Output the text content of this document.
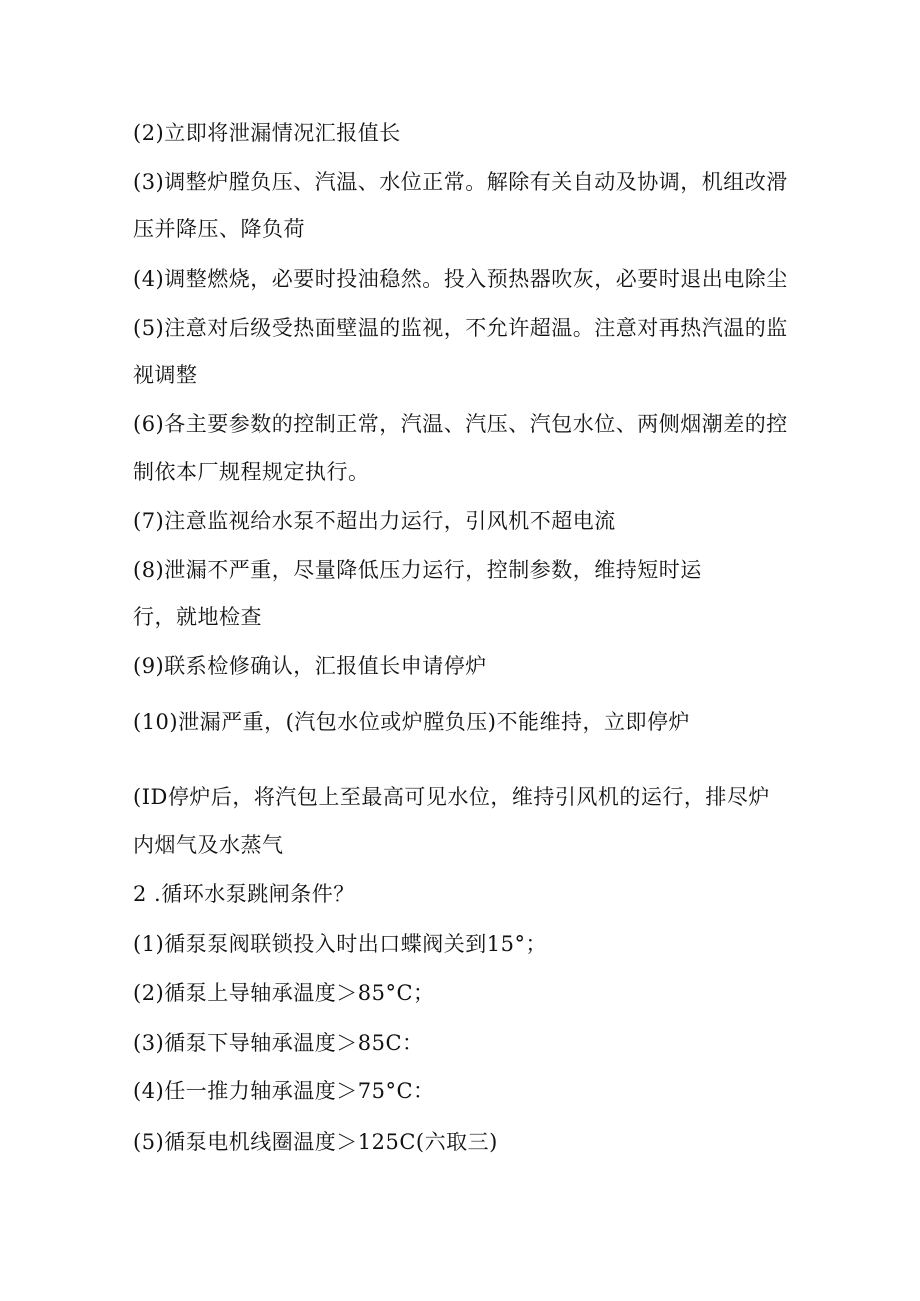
(2)立即将泄漏情况汇报值长
(3)调整炉膛负压、汽温、水位正常。解除有关自动及协调，机组改滑
压并降压、降负荷
(4)调整燃烧，必要时投油稳然。投入预热器吹灰，必要时退出电除尘
(5)注意对后级受热面壁温的监视，不允许超温。注意对再热汽温的监
视调整
(6)各主要参数的控制正常，汽温、汽压、汽包水位、两侧烟潮差的控
制依本厂规程规定执行。
(7)注意监视给水泵不超出力运行，引风机不超电流
(8)泄漏不严重，尽量降低压力运行，控制参数，维持短时运
行，就地检查
(9)联系检修确认，汇报值长申请停炉
(10)泄漏严重，(汽包水位或炉膛负压)不能维持，立即停炉
(ID停炉后，将汽包上至最高可见水位，维持引风机的运行，排尽炉
内烟气及水蒸气
2 .循环水泵跳闸条件？
(1)循泵泵阀联锁投入时出口蝶阀关到15°；
(2)循泵上导轴承温度＞85°C；
(3)循泵下导轴承温度＞85C：
(4)任一推力轴承温度＞75°C：
(5)循泵电机线圈温度＞125C(六取三)
